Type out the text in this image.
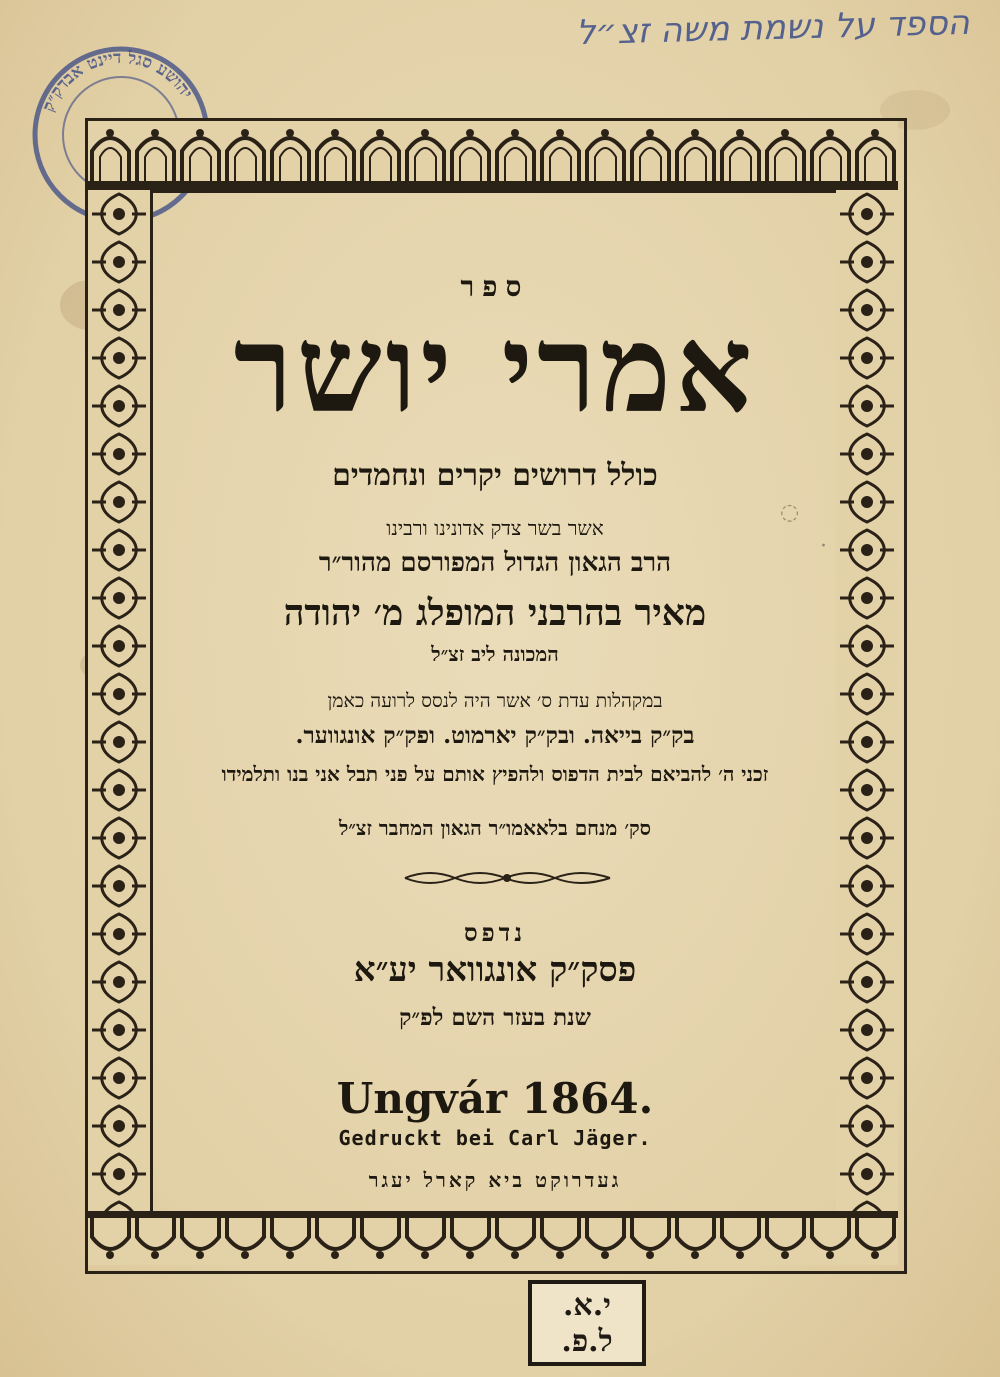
הספד על נשמת משה זצ״ל
יהושע סגל דיינט אבדק״ק
ספר
אמרי יושר
כולל דרושים יקרים ונחמדים
אשר בשר צדק אדונינו ורבינו
הרב הגאון הגדול המפורסם מהור״ר
מאיר בהרבני המופלג מ׳ יהודה
המכונה ליב זצ״ל
במקהלות עדת ס׳ אשר היה לנסס לרועה כאמן
בק״ק בייאה. ובק״ק יארמוט. ופק״ק אונגווער.
זכני ה׳ להביאם לבית הדפוס ולהפיץ אותם על פני תבל אני בנו ותלמידו
סק׳ מנחם בלאאמו״ר הגאון המחבר זצ״ל
נדפס
פסק״ק אונגוואר יע״א
שנת בעזר השם לפ״ק
Ungvár 1864.
Gedruckt bei Carl Jäger.
געדרוקט ביא קארל יעגר
◌
·
י.א.
ל.פ.
